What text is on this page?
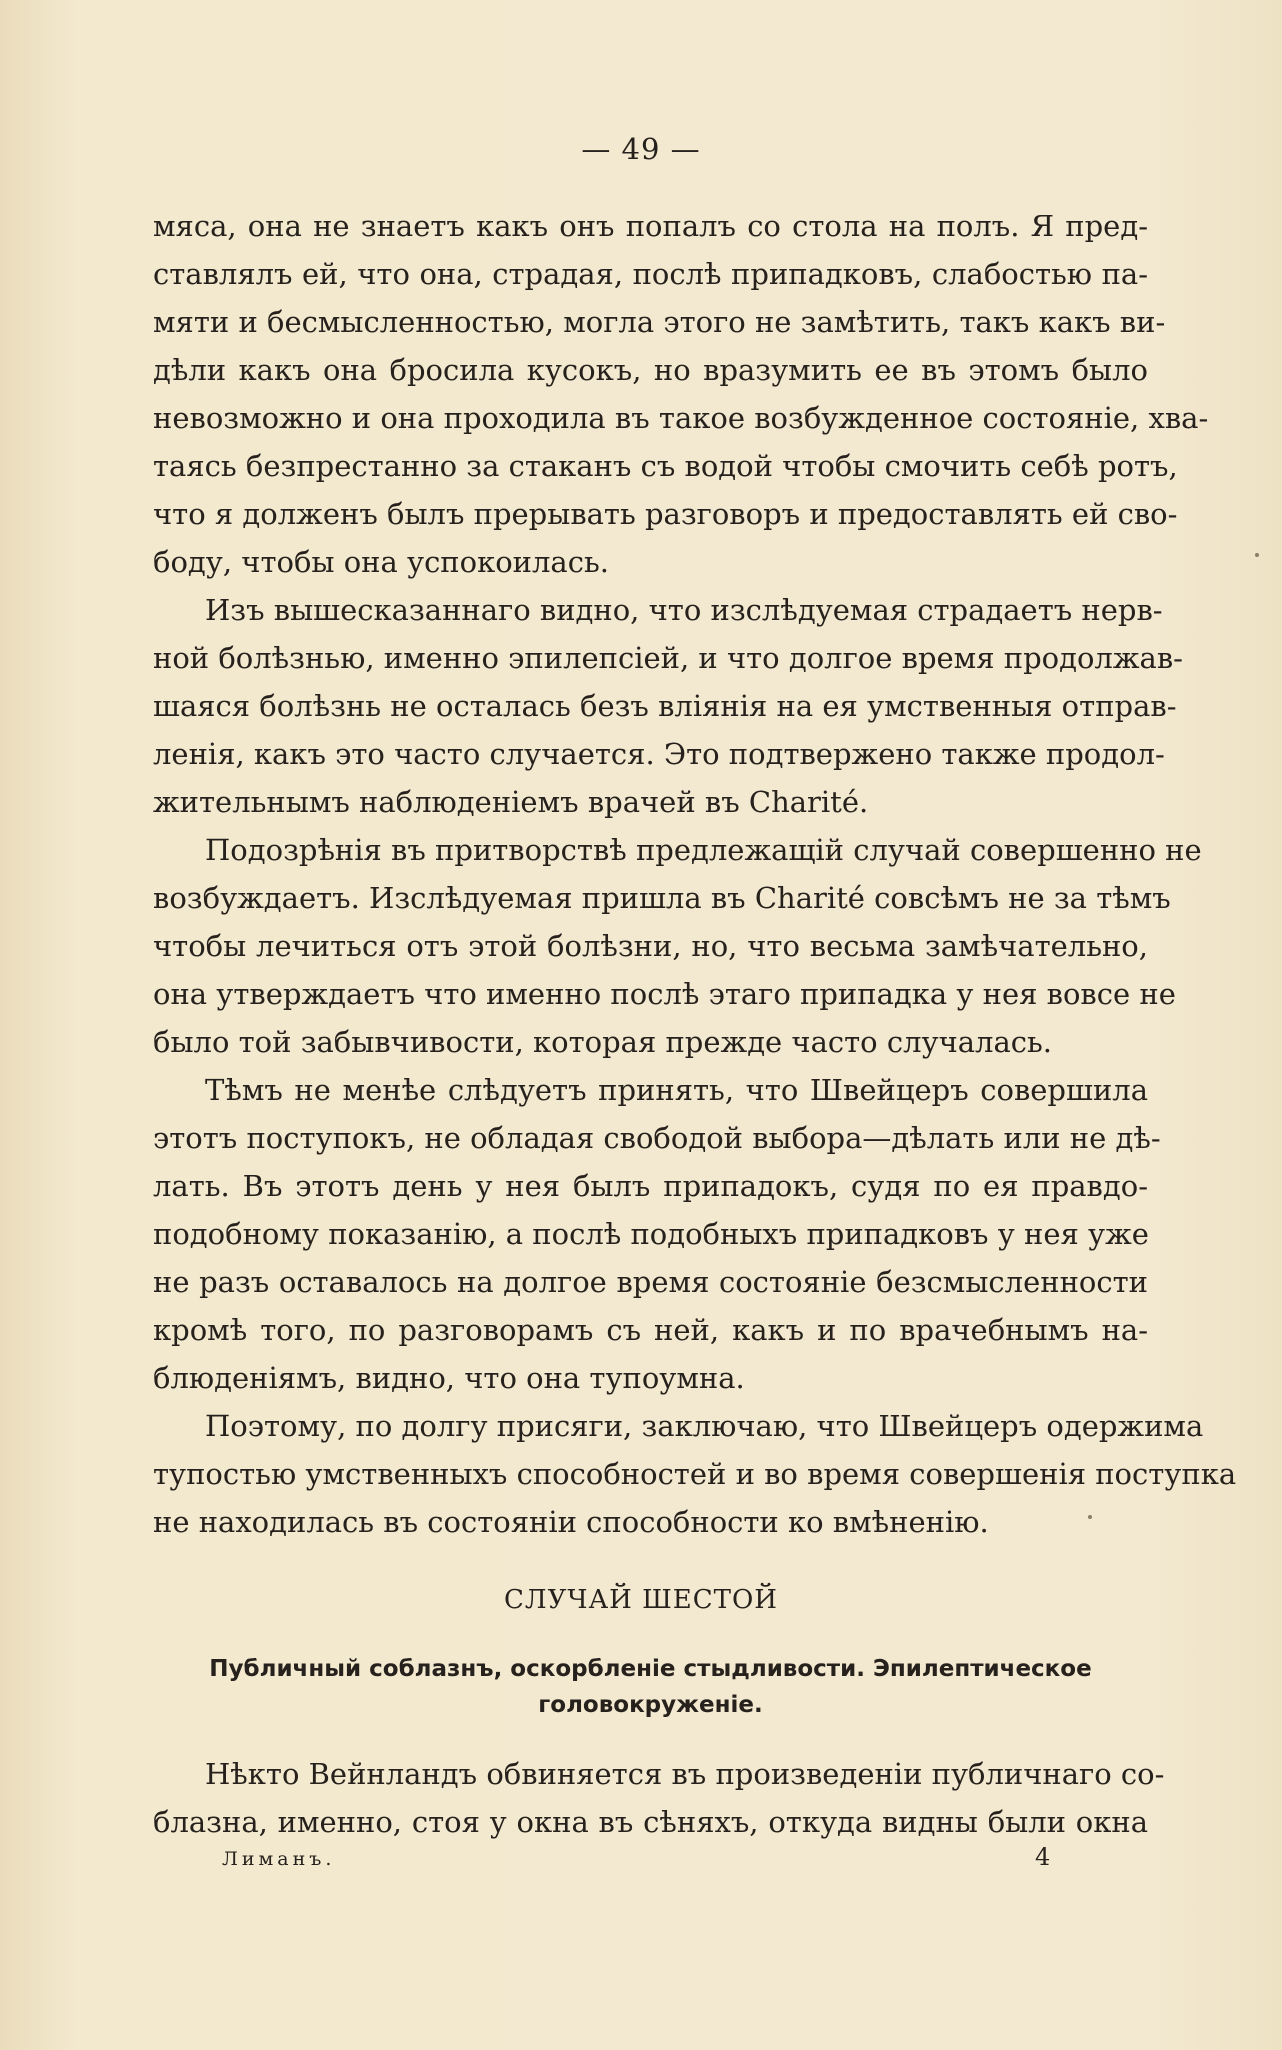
— 49 —
мяса, она не знаетъ какъ онъ попалъ со стола на полъ. Я пред-
ставлялъ ей, что она, страдая, послѣ припадковъ, слабостью па-
мяти и бесмысленностью, могла этого не замѣтить, такъ какъ ви-
дѣли какъ она бросила кусокъ, но вразумить ее въ этомъ было
невозможно и она проходила въ такое возбужденное состоянiе, хва-
таясь безпрестанно за стаканъ съ водой чтобы смочить себѣ ротъ,
что я долженъ былъ прерывать разговоръ и предоставлять ей сво-
боду, чтобы она успокоилась.
Изъ вышесказаннаго видно, что изслѣдуемая страдаетъ нерв-
ной болѣзнью, именно эпилепсiей, и что долгое время продолжав-
шаяся болѣзнь не осталась безъ влiянiя на ея умственныя отправ-
ленiя, какъ это часто случается. Это подтвержено также продол-
жительнымъ наблюденiемъ врачей въ Charité.
Подозрѣнiя въ притворствѣ предлежащiй случай совершенно не
возбуждаетъ. Изслѣдуемая пришла въ Charité совсѣмъ не за тѣмъ
чтобы лечиться отъ этой болѣзни, но, что весьма замѣчательно,
она утверждаетъ что именно послѣ этаго припадка у нея вовсе не
было той забывчивости, которая прежде часто случалась.
Тѣмъ не менѣе слѣдуетъ принять, что Швейцеръ совершила
этотъ поступокъ, не обладая свободой выбора—дѣлать или не дѣ-
лать. Въ этотъ день у нея былъ припадокъ, судя по ея правдо-
подобному показанiю, а послѣ подобныхъ припадковъ у нея уже
не разъ оставалось на долгое время состоянiе безсмысленности
кромѣ того, по разговорамъ съ ней, какъ и по врачебнымъ на-
блюденiямъ, видно, что она тупоумна.
Поэтому, по долгу присяги, заключаю, что Швейцеръ одержима
тупостью умственныхъ способностей и во время совершенiя поступка
не находилась въ состоянiи способности ко вмѣненiю.
СЛУЧАЙ ШЕСТОЙ
Публичный соблазнъ, оскорбленiе стыдливости. Эпилептическое головокруженiе.
Нѣкто Вейнландъ обвиняется въ произведенiи публичнаго со-
блазна, именно, стоя у окна въ сѣняхъ, откуда видны были окна
Лиманъ.	4
